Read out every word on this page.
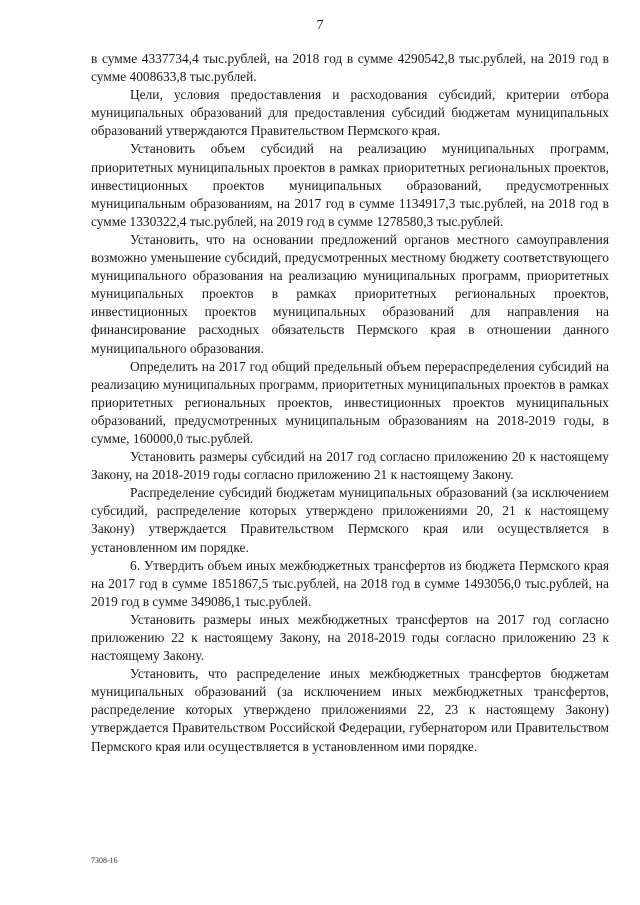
7

в сумме 4337734,4 тыс.рублей, на 2018 год в сумме 4290542,8 тыс.рублей, на 2019 год в сумме 4008633,8 тыс.рублей.

Цели, условия предоставления и расходования субсидий, критерии отбора муниципальных образований для предоставления субсидий бюджетам муниципальных образований утверждаются Правительством Пермского края.

Установить объем субсидий на реализацию муниципальных программ, приоритетных муниципальных проектов в рамках приоритетных региональных проектов, инвестиционных проектов муниципальных образований, предусмотренных муниципальным образованиям, на 2017 год в сумме 1134917,3 тыс.рублей, на 2018 год в сумме 1330322,4 тыс.рублей, на 2019 год в сумме 1278580,3 тыс.рублей.

Установить, что на основании предложений органов местного самоуправления возможно уменьшение субсидий, предусмотренных местному бюджету соответствующего муниципального образования на реализацию муниципальных программ, приоритетных муниципальных проектов в рамках приоритетных региональных проектов, инвестиционных проектов муниципальных образований для направления на финансирование расходных обязательств Пермского края в отношении данного муниципального образования.

Определить на 2017 год общий предельный объем перераспределения субсидий на реализацию муниципальных программ, приоритетных муниципальных проектов в рамках приоритетных региональных проектов, инвестиционных проектов муниципальных образований, предусмотренных муниципальным образованиям на 2018-2019 годы, в сумме, 160000,0 тыс.рублей.

Установить размеры субсидий на 2017 год согласно приложению 20 к настоящему Закону, на 2018-2019 годы согласно приложению 21 к настоящему Закону.

Распределение субсидий бюджетам муниципальных образований (за исключением субсидий, распределение которых утверждено приложениями 20, 21 к настоящему Закону) утверждается Правительством Пермского края или осуществляется в установленном им порядке.

6. Утвердить объем иных межбюджетных трансфертов из бюджета Пермского края на 2017 год в сумме 1851867,5 тыс.рублей, на 2018 год в сумме 1493056,0 тыс.рублей, на 2019 год в сумме 349086,1 тыс.рублей.

Установить размеры иных межбюджетных трансфертов на 2017 год согласно приложению 22 к настоящему Закону, на 2018-2019 годы согласно приложению 23 к настоящему Закону.

Установить, что распределение иных межбюджетных трансфертов бюджетам муниципальных образований (за исключением иных межбюджетных трансфертов, распределение которых утверждено приложениями 22, 23 к настоящему Закону) утверждается Правительством Российской Федерации, губернатором или Правительством Пермского края или осуществляется в установленном ими порядке.

7308-16
